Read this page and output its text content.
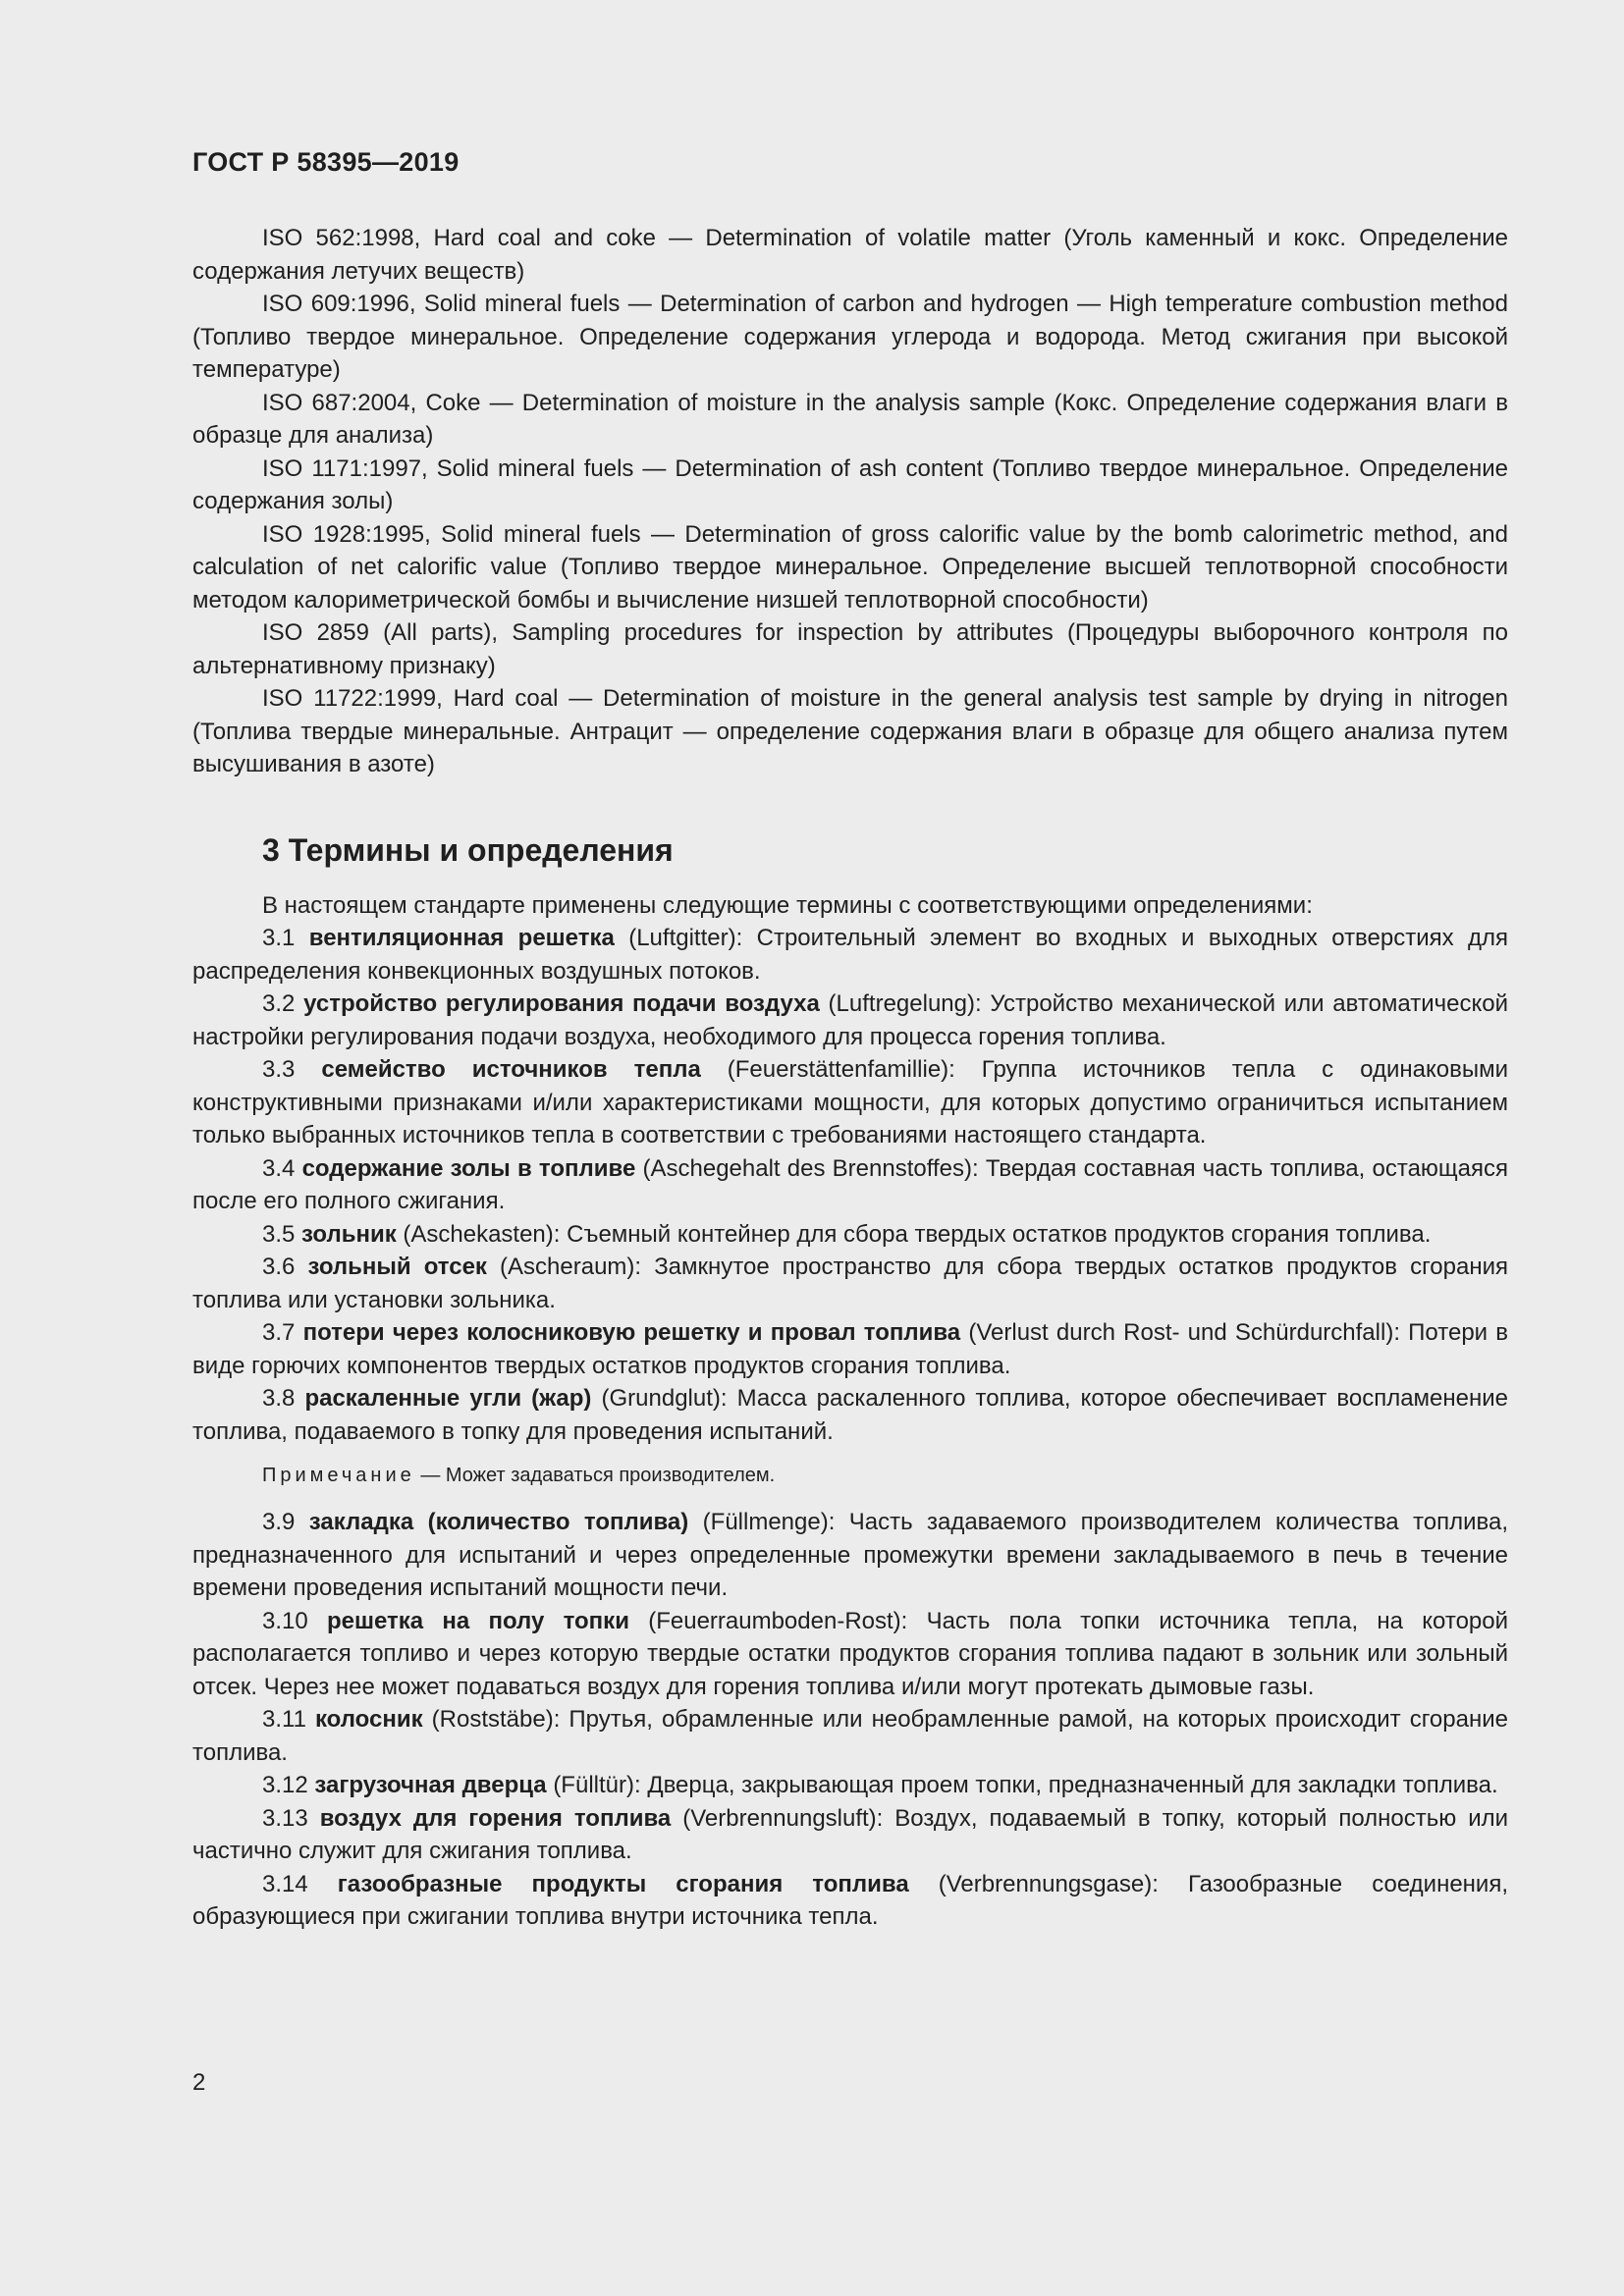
ГОСТ Р 58395—2019

ISO 562:1998, Hard coal and coke — Determination of volatile matter (Уголь каменный и кокс. Определение содержания летучих веществ)

ISO 609:1996, Solid mineral fuels — Determination of carbon and hydrogen — High temperature combustion method (Топливо твердое минеральное. Определение содержания углерода и водорода. Метод сжигания при высокой температуре)

ISO 687:2004, Coke — Determination of moisture in the analysis sample (Кокс. Определение содержания влаги в образце для анализа)

ISO 1171:1997, Solid mineral fuels — Determination of ash content (Топливо твердое минеральное. Определение содержания золы)

ISO 1928:1995, Solid mineral fuels — Determination of gross calorific value by the bomb calorimetric method, and calculation of net calorific value (Топливо твердое минеральное. Определение высшей теплотворной способности методом калориметрической бомбы и вычисление низшей теплотворной способности)

ISO 2859 (All parts), Sampling procedures for inspection by attributes (Процедуры выборочного контроля по альтернативному признаку)

ISO 11722:1999, Hard coal — Determination of moisture in the general analysis test sample by drying in nitrogen (Топлива твердые минеральные. Антрацит — определение содержания влаги в образце для общего анализа путем высушивания в азоте)

3 Термины и определения

В настоящем стандарте применены следующие термины с соответствующими определениями:

3.1 вентиляционная решетка (Luftgitter): Строительный элемент во входных и выходных отверстиях для распределения конвекционных воздушных потоков.

3.2 устройство регулирования подачи воздуха (Luftregelung): Устройство механической или автоматической настройки регулирования подачи воздуха, необходимого для процесса горения топлива.

3.3 семейство источников тепла (Feuerstättenfamillie): Группа источников тепла с одинаковыми конструктивными признаками и/или характеристиками мощности, для которых допустимо ограничиться испытанием только выбранных источников тепла в соответствии с требованиями настоящего стандарта.

3.4 содержание золы в топливе (Aschegehalt des Brennstoffes): Твердая составная часть топлива, остающаяся после его полного сжигания.

3.5 зольник (Aschekasten): Съемный контейнер для сбора твердых остатков продуктов сгорания топлива.

3.6 зольный отсек (Ascheraum): Замкнутое пространство для сбора твердых остатков продуктов сгорания топлива или установки зольника.

3.7 потери через колосниковую решетку и провал топлива (Verlust durch Rost- und Schürdurchfall): Потери в виде горючих компонентов твердых остатков продуктов сгорания топлива.

3.8 раскаленные угли (жар) (Grundglut): Масса раскаленного топлива, которое обеспечивает воспламенение топлива, подаваемого в топку для проведения испытаний.

Примечание — Может задаваться производителем.

3.9 закладка (количество топлива) (Füllmenge): Часть задаваемого производителем количества топлива, предназначенного для испытаний и через определенные промежутки времени закладываемого в печь в течение времени проведения испытаний мощности печи.

3.10 решетка на полу топки (Feuerraumboden-Rost): Часть пола топки источника тепла, на которой располагается топливо и через которую твердые остатки продуктов сгорания топлива падают в зольник или зольный отсек. Через нее может подаваться воздух для горения топлива и/или могут протекать дымовые газы.

3.11 колосник (Roststäbe): Прутья, обрамленные или необрамленные рамой, на которых происходит сгорание топлива.

3.12 загрузочная дверца (Fülltür): Дверца, закрывающая проем топки, предназначенный для закладки топлива.

3.13 воздух для горения топлива (Verbrennungsluft): Воздух, подаваемый в топку, который полностью или частично служит для сжигания топлива.

3.14 газообразные продукты сгорания топлива (Verbrennungsgase): Газообразные соединения, образующиеся при сжигании топлива внутри источника тепла.

2
